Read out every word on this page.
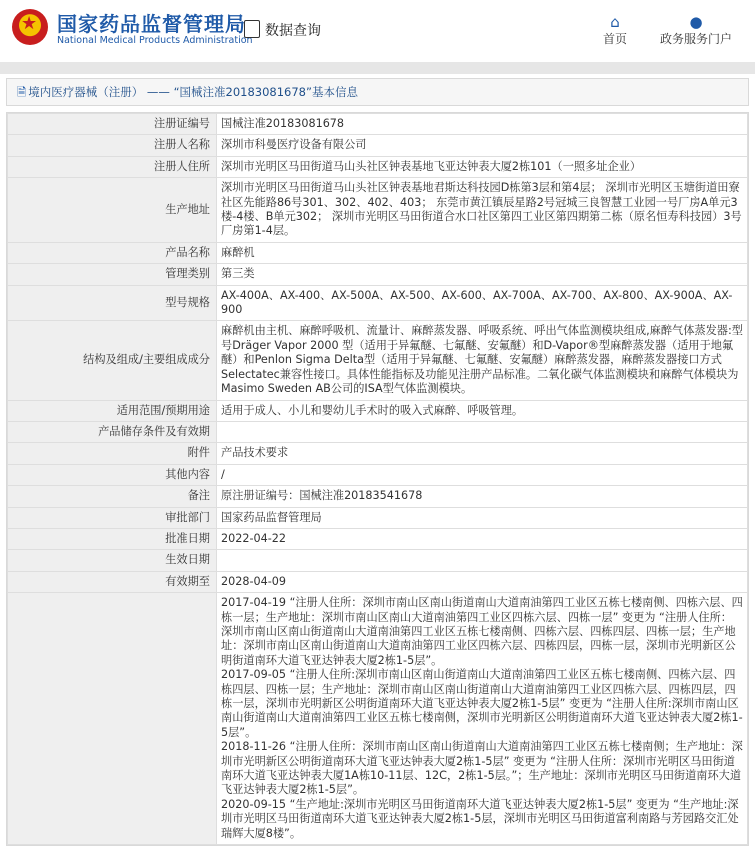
★
国家药品监督管理局
National Medical Products Administration
数据查询	⌂
首页
●
政务服务门户
🗎 境内医疗器械（注册） —— “国械注准20183081678”基本信息
注册证编号	国械注准20183081678
注册人名称	深圳市科曼医疗设备有限公司
注册人住所	深圳市光明区马田街道马山头社区钟表基地飞亚达钟表大厦2栋101（一照多址企业）
生产地址	深圳市光明区马田街道马山头社区钟表基地君斯达科技园D栋第3层和第4层； 深圳市光明区玉塘街道田寮社区先能路86号301、302、402、403； 东莞市黄江镇辰星路2号冠城三良智慧工业园一号厂房A单元3楼-4楼、B单元302； 深圳市光明区马田街道合水口社区第四工业区第四期第二栋（原名恒寿科技园）3号厂房第1-4层。
产品名称	麻醉机
管理类别	第三类
型号规格	AX-400A、AX-400、AX-500A、AX-500、AX-600、AX-700A、AX-700、AX-800、AX-900A、AX-900
结构及组成/主要组成成分	麻醉机由主机、麻醉呼吸机、流量计、麻醉蒸发器、呼吸系统、呼出气体监测模块组成,麻醉气体蒸发器:型号Dräger Vapor 2000 型（适用于异氟醚、七氟醚、安氟醚）和D-Vapor®型麻醉蒸发器（适用于地氟醚）和Penlon Sigma Delta型（适用于异氟醚、七氟醚、安氟醚）麻醉蒸发器，麻醉蒸发器接口方式Selectatec兼容性接口。具体性能指标及功能见注册产品标准。二氧化碳气体监测模块和麻醉气体模块为Masimo Sweden AB公司的ISA型气体监测模块。
适用范围/预期用途	适用于成人、小儿和婴幼儿手术时的吸入式麻醉、呼吸管理。
产品储存条件及有效期	
附件	产品技术要求
其他内容	/
备注	原注册证编号：国械注准20183541678
审批部门	国家药品监督管理局
批准日期	2022-04-22
生效日期	
有效期至	2028-04-09
	2017-04-19 “注册人住所：深圳市南山区南山街道南山大道南油第四工业区五栋七楼南侧、四栋六层、四栋一层；生产地址：深圳市南山区南山大道南油第四工业区四栋六层、四栋一层” 变更为 “注册人住所：深圳市南山区南山街道南山大道南油第四工业区五栋七楼南侧、四栋六层、四栋四层、四栋一层；生产地址：深圳市南山区南山街道南山大道南油第四工业区四栋六层、四栋四层，四栋一层，深圳市光明新区公明街道南环大道飞亚达钟表大厦2栋1-5层”。
2017-09-05 “注册人住所:深圳市南山区南山街道南山大道南油第四工业区五栋七楼南侧、四栋六层、四栋四层、四栋一层；生产地址：深圳市南山区南山街道南山大道南油第四工业区四栋六层、四栋四层，四栋一层，深圳市光明新区公明街道南环大道飞亚达钟表大厦2栋1-5层” 变更为 “注册人住所:深圳市南山区南山街道南山大道南油第四工业区五栋七楼南侧，深圳市光明新区公明街道南环大道飞亚达钟表大厦2栋1-5层”。
2018-11-26 “注册人住所：深圳市南山区南山街道南山大道南油第四工业区五栋七楼南侧；生产地址：深圳市光明新区公明街道南环大道飞亚达钟表大厦2栋1-5层” 变更为 “注册人住所：深圳市光明区马田街道南环大道飞亚达钟表大厦1A栋10-11层、12C，2栋1-5层。”；生产地址：深圳市光明区马田街道南环大道飞亚达钟表大厦2栋1-5层”。
2020-09-15 “生产地址:深圳市光明区马田街道南环大道飞亚达钟表大厦2栋1-5层” 变更为 “生产地址:深圳市光明区马田街道南环大道飞亚达钟表大厦2栋1-5层，深圳市光明区马田街道富利南路与芳园路交汇处瑞辉大厦8楼”。
